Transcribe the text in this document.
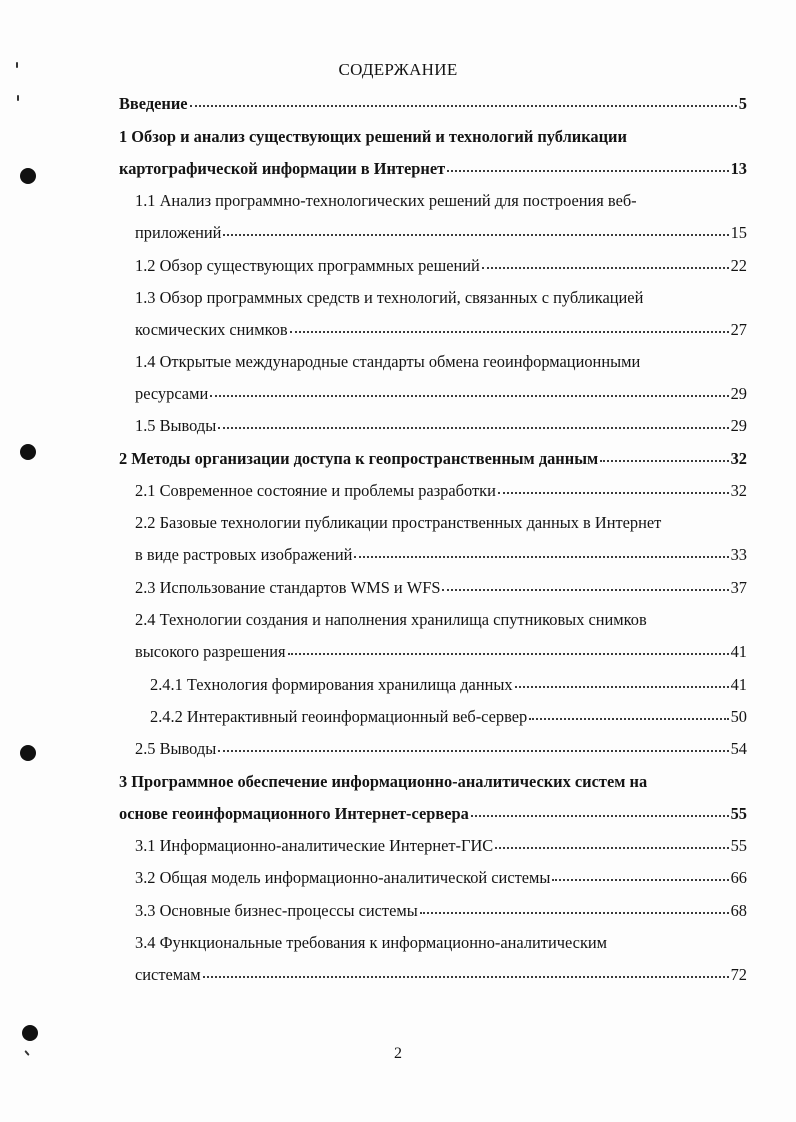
СОДЕРЖАНИЕ
Введение	5
1 Обзор и анализ существующих решений и технологий публикации
картографической информации в Интернет	13
1.1 Анализ программно-технологических решений для построения веб-
приложений	15
1.2 Обзор существующих программных решений	22
1.3 Обзор программных средств и технологий, связанных с публикацией
космических снимков	27
1.4 Открытые международные стандарты обмена геоинформационными
ресурсами	29
1.5 Выводы	29
2 Методы организации доступа к геопространственным данным	32
2.1 Современное состояние и проблемы разработки	32
2.2 Базовые технологии публикации пространственных данных в Интернет
в виде растровых изображений	33
2.3 Использование стандартов WMS и WFS	37
2.4 Технологии создания и наполнения хранилища спутниковых снимков
высокого разрешения	41
2.4.1 Технология формирования хранилища данных	41
2.4.2 Интерактивный геоинформационный веб-сервер	50
2.5 Выводы	54
3 Программное обеспечение информационно-аналитических систем на
основе геоинформационного Интернет-сервера	55
3.1 Информационно-аналитические Интернет-ГИС	55
3.2 Общая модель информационно-аналитической системы	66
3.3 Основные бизнес-процессы системы	68
3.4 Функциональные требования к информационно-аналитическим
системам	72
2
